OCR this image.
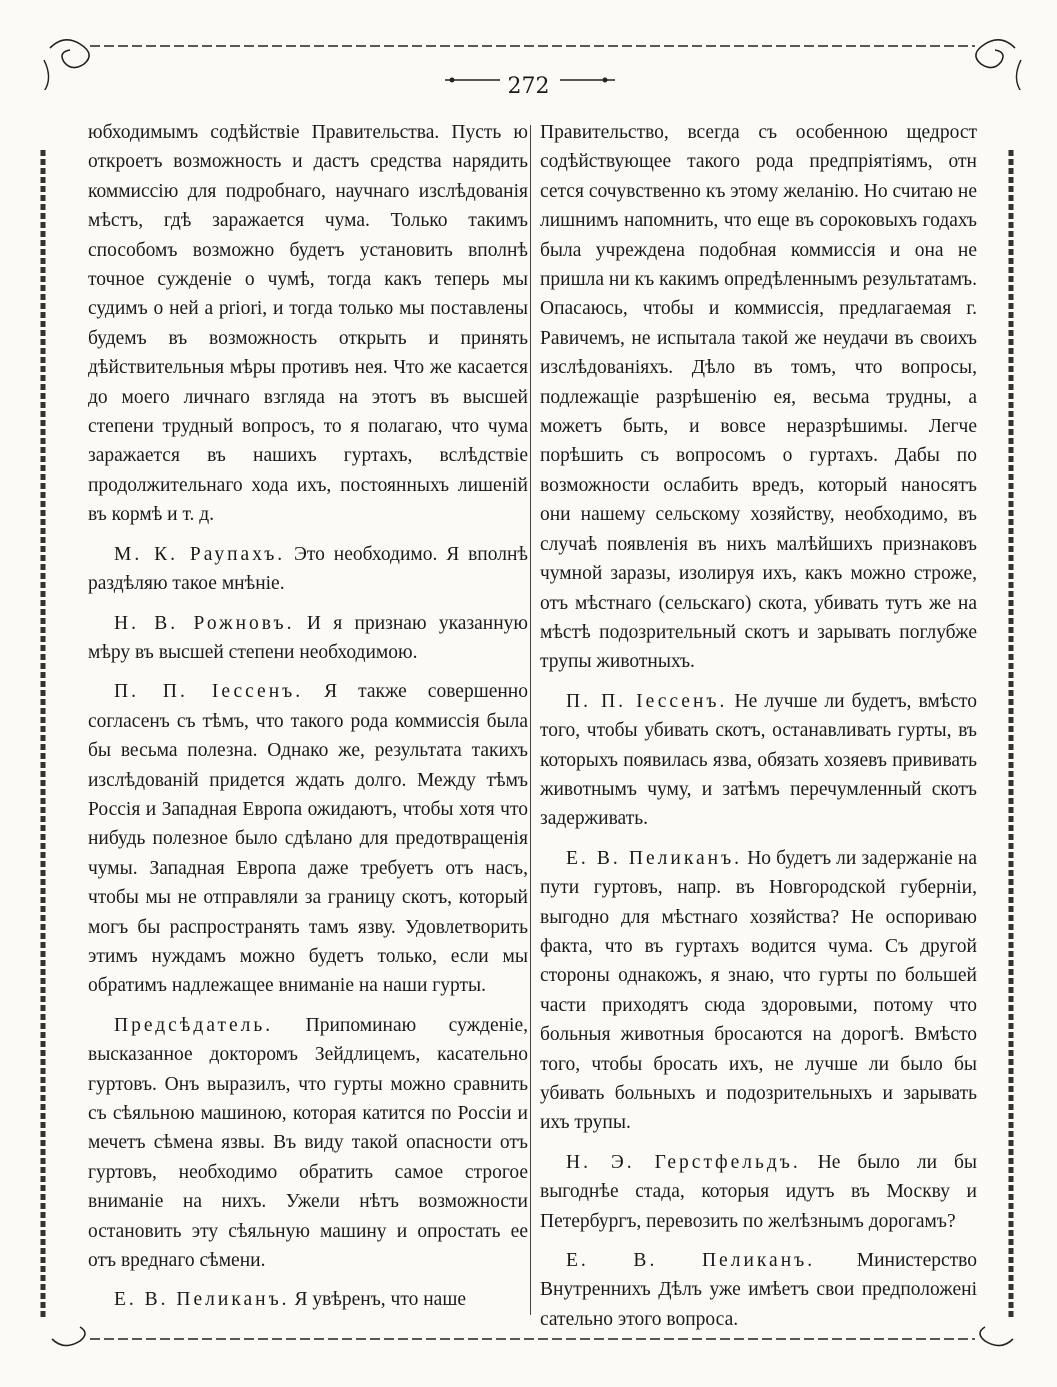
272

юбходимымъ содѣйствіе Правительства. Пусть ю откроетъ возможность и дастъ средства нарядить коммиссію для подробнаго, научнаго изслѣдованія мѣстъ, гдѣ заражается чума. Только такимъ способомъ возможно будетъ установить вполнѣ точное сужденіе о чумѣ, тогда какъ теперь мы судимъ о ней a priori, и тогда только мы поставлены будемъ въ возможность открыть и принять дѣйствительныя мѣры противъ нея. Что же касается до моего личнаго взгляда на этотъ въ высшей степени трудный вопросъ, то я полагаю, что чума заражается въ нашихъ гуртахъ, вслѣдствіе продолжительнаго хода ихъ, постоянныхъ лишеній въ кормѣ и т. д.

М. К. Раупахъ. Это необходимо. Я вполнѣ раздѣляю такое мнѣніе.

Н. В. Рожновъ. И я признаю указанную мѣру въ высшей степени необходимою.

П. П. Іессенъ. Я также совершенно согласенъ съ тѣмъ, что такого рода коммиссія была бы весьма полезна. Однако же, результата такихъ изслѣдованій придется ждать долго. Между тѣмъ Россія и Западная Европа ожидаютъ, чтобы хотя что нибудь полезное было сдѣлано для предотвращенія чумы. Западная Европа даже требуетъ отъ насъ, чтобы мы не отправляли за границу скотъ, который могъ бы распространять тамъ язву. Удовлетворить этимъ нуждамъ можно будетъ только, если мы обратимъ надлежащее вниманіе на наши гурты.

Предсѣдатель. Припоминаю сужденіе, высказанное докторомъ Зейдлицемъ, касательно гуртовъ. Онъ выразилъ, что гурты можно сравнить съ сѣяльною машиною, которая катится по Россіи и мечетъ сѣмена язвы. Въ виду такой опасности отъ гуртовъ, необходимо обратить самое строгое вниманіе на нихъ. Ужели нѣтъ возможности остановить эту сѣяльную машину и опростать ее отъ вреднаго сѣмени.

Е. В. Пеликанъ. Я увѣренъ, что наше

Правительство, всегда съ особенною щедрост содѣйствующее такого рода предпріятіямъ, отн сется сочувственно къ этому желанію. Но считаю не лишнимъ напомнить, что еще въ сороковыхъ годахъ была учреждена подобная коммиссія и она не пришла ни къ какимъ опредѣленнымъ результатамъ. Опасаюсь, чтобы и коммиссія, предлагаемая г. Равичемъ, не испытала такой же неудачи въ своихъ изслѣдованіяхъ. Дѣло въ томъ, что вопросы, подлежащіе разрѣшенію ея, весьма трудны, а можетъ быть, и вовсе неразрѣшимы. Легче порѣшить съ вопросомъ о гуртахъ. Дабы по возможности ослабить вредъ, который наносятъ они нашему сельскому хозяйству, необходимо, въ случаѣ появленія въ нихъ малѣйшихъ признаковъ чумной заразы, изолируя ихъ, какъ можно строже, отъ мѣстнаго (сельскаго) скота, убивать тутъ же на мѣстѣ подозрительный скотъ и зарывать поглубже трупы животныхъ.

П. П. Іессенъ. Не лучше ли будетъ, вмѣсто того, чтобы убивать скотъ, останавливать гурты, въ которыхъ появилась язва, обязать хозяевъ прививать животнымъ чуму, и затѣмъ перечумленный скотъ задерживать.

Е. В. Пеликанъ. Но будетъ ли задержаніе на пути гуртовъ, напр. въ Новгородской губерніи, выгодно для мѣстнаго хозяйства? Не оспориваю факта, что въ гуртахъ водится чума. Съ другой стороны однакожъ, я знаю, что гурты по большей части приходятъ сюда здоровыми, потому что больныя животныя бросаются на дорогѣ. Вмѣсто того, чтобы бросать ихъ, не лучше ли было бы убивать больныхъ и подозрительныхъ и зарывать ихъ трупы.

Н. Э. Герстфельдъ. Не было ли бы выгоднѣе стада, которыя идутъ въ Москву и Петербургъ, перевозить по желѣзнымъ дорогамъ?

Е. В. Пеликанъ. Министерство Внутреннихъ Дѣлъ уже имѣетъ свои предположені сательно этого вопроса.
